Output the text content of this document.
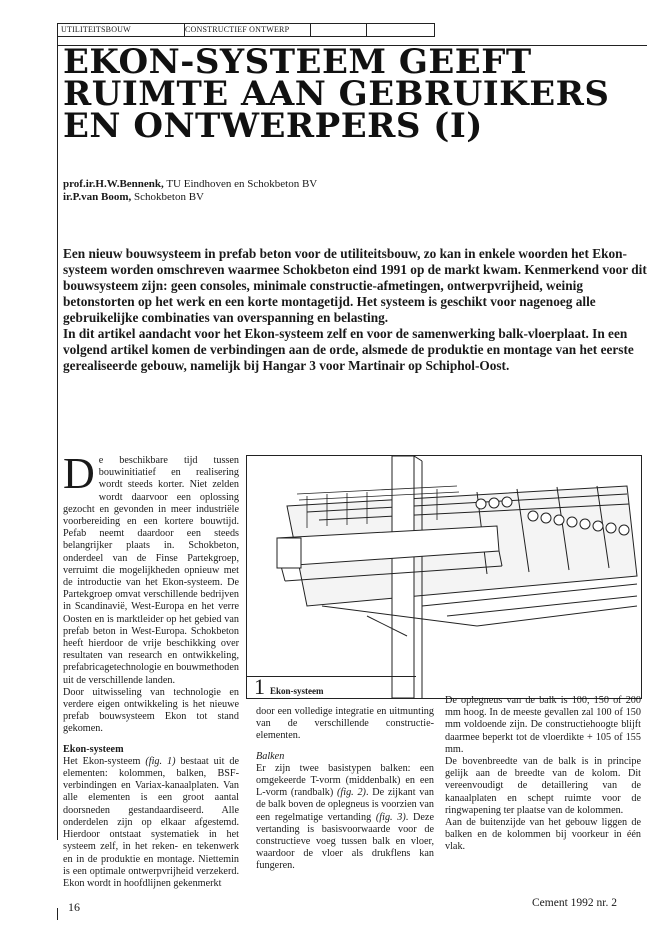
UTILITEITSBOUW	CONSTRUCTIEF ONTWERP
EKON-SYSTEEM GEEFT RUIMTE AAN GEBRUIKERS EN ONTWERPERS (I)
prof.ir.H.W.Bennenk, TU Eindhoven en Schokbeton BV
ir.P.van Boom, Schokbeton BV

Een nieuw bouwsysteem in prefab beton voor de utiliteitsbouw, zo kan in enkele woorden het Ekon-systeem worden omschreven waarmee Schokbeton eind 1991 op de markt kwam. Kenmerkend voor dit bouwsysteem zijn: geen consoles, minimale constructie-afmetingen, ontwerpvrijheid, weinig betonstorten op het werk en een korte montagetijd. Het systeem is geschikt voor nagenoeg alle gebruikelijke combinaties van overspanning en belasting.

In dit artikel aandacht voor het Ekon-systeem zelf en voor de samenwerking balk-vloerplaat. In een volgend artikel komen de verbindingen aan de orde, alsmede de produktie en montage van het eerste gerealiseerde gebouw, namelijk bij Hangar 3 voor Martinair op Schiphol-Oost.

De beschikbare tijd tussen bouwinitiatief en realisering wordt steeds korter. Niet zelden wordt daarvoor een oplossing gezocht en gevonden in meer industriële voorbereiding en een kortere bouwtijd. Pefab neemt daardoor een steeds belangrijker plaats in. Schokbeton, onderdeel van de Finse Partekgroep, verruimt die mogelijkheden opnieuw met de introductie van het Ekon-systeem. De Partekgroep omvat verschillende bedrijven in Scandinavië, West-Europa en het verre Oosten en is marktleider op het gebied van prefab beton in West-Europa. Schokbeton heeft hierdoor de vrije beschikking over resultaten van research en ontwikkeling, prefabricagetechnologie en bouwmethoden uit de verschillende landen.

Door uitwisseling van technologie en verdere eigen ontwikkeling is het nieuwe prefab bouwsysteem Ekon tot stand gekomen.

Ekon-systeem

Het Ekon-systeem (fig. 1) bestaat uit de elementen: kolommen, balken, BSF-verbindingen en Variax-kanaalplaten. Van alle elementen is een groot aantal doorsneden gestandaardiseerd. Alle onderdelen zijn op elkaar afgestemd. Hierdoor ontstaat systematiek in het systeem zelf, in het reken- en tekenwerk en in de produktie en montage. Niettemin is een optimale ontwerpvrijheid verzekerd. Ekon wordt in hoofdlijnen gekenmerkt

1 Ekon-systeem

door een volledige integratie en uitmunting van de verschillende constructie-elementen.

Balken

Er zijn twee basistypen balken: een omgekeerde T-vorm (middenbalk) en een L-vorm (randbalk) (fig. 2). De zijkant van de balk boven de oplegneus is voorzien van een regelmatige vertanding (fig. 3). Deze vertanding is basisvoorwaarde voor de constructieve voeg tussen balk en vloer, waardoor de vloer als drukflens kan fungeren.

De oplegneus van de balk is 100, 150 of 200 mm hoog. In de meeste gevallen zal 100 of 150 mm voldoende zijn. De constructiehoogte blijft daarmee beperkt tot de vloerdikte + 105 of 155 mm.

De bovenbreedte van de balk is in principe gelijk aan de breedte van de kolom. Dit vereenvoudigt de detaillering van de kanaalplaten en schept ruimte voor de ringwapening ter plaatse van de kolommen.

Aan de buitenzijde van het gebouw liggen de balken en de kolommen bij voorkeur in één vlak.

16	Cement 1992 nr. 2
